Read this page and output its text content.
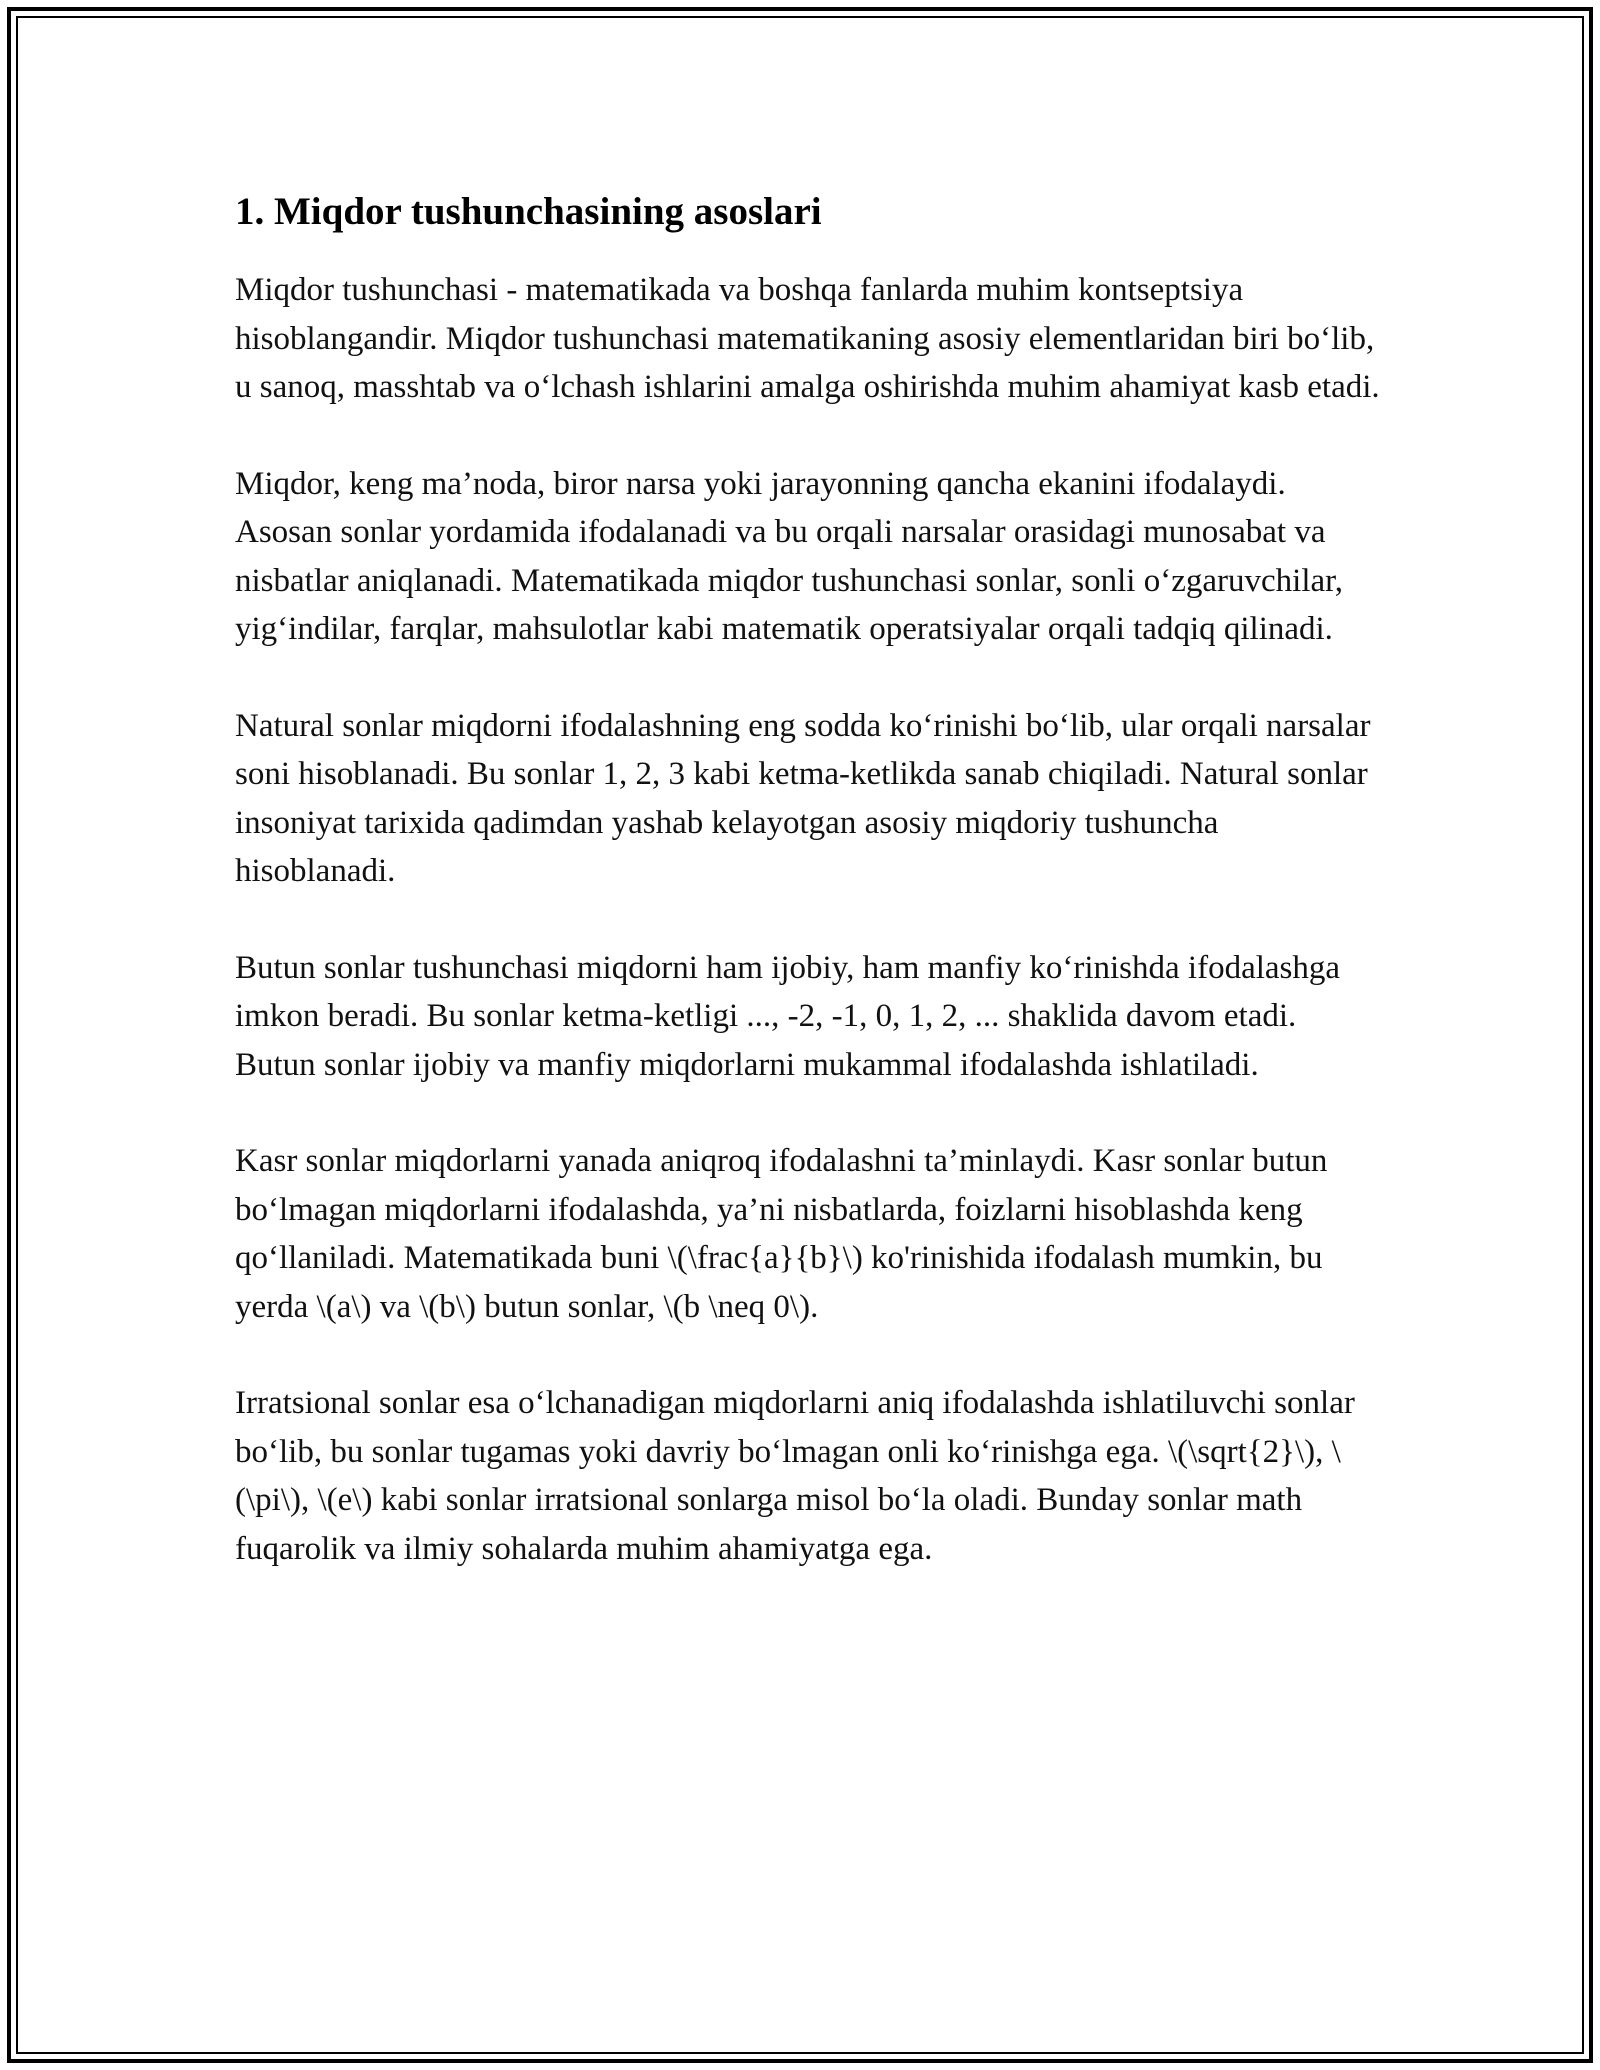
1. Miqdor tushunchasining asoslari

Miqdor tushunchasi - matematikada va boshqa fanlarda muhim kontseptsiya hisoblangandir. Miqdor tushunchasi matematikaning asosiy elementlaridan biri bo‘lib, u sanoq, masshtab va o‘lchash ishlarini amalga oshirishda muhim ahamiyat kasb etadi.

Miqdor, keng ma’noda, biror narsa yoki jarayonning qancha ekanini ifodalaydi. Asosan sonlar yordamida ifodalanadi va bu orqali narsalar orasidagi munosabat va nisbatlar aniqlanadi. Matematikada miqdor tushunchasi sonlar, sonli o‘zgaruvchilar, yig‘indilar, farqlar, mahsulotlar kabi matematik operatsiyalar orqali tadqiq qilinadi.

Natural sonlar miqdorni ifodalashning eng sodda ko‘rinishi bo‘lib, ular orqali narsalar soni hisoblanadi. Bu sonlar 1, 2, 3 kabi ketma-ketlikda sanab chiqiladi. Natural sonlar insoniyat tarixida qadimdan yashab kelayotgan asosiy miqdoriy tushuncha hisoblanadi.

Butun sonlar tushunchasi miqdorni ham ijobiy, ham manfiy ko‘rinishda ifodalashga imkon beradi. Bu sonlar ketma-ketligi ..., -2, -1, 0, 1, 2, ... shaklida davom etadi. Butun sonlar ijobiy va manfiy miqdorlarni mukammal ifodalashda ishlatiladi.

Kasr sonlar miqdorlarni yanada aniqroq ifodalashni ta’minlaydi. Kasr sonlar butun bo‘lmagan miqdorlarni ifodalashda, ya’ni nisbatlarda, foizlarni hisoblashda keng qo‘llaniladi. Matematikada buni \(\frac{a}{b}\) ko'rinishida ifodalash mumkin, bu yerda \(a\) va \(b\) butun sonlar, \(b \neq 0\).

Irratsional sonlar esa o‘lchanadigan miqdorlarni aniq ifodalashda ishlatiluvchi sonlar bo‘lib, bu sonlar tugamas yoki davriy bo‘lmagan onli ko‘rinishga ega. \(\sqrt{2}\), \(\pi\), \(e\) kabi sonlar irratsional sonlarga misol bo‘la oladi. Bunday sonlar math fuqarolik va ilmiy sohalarda muhim ahamiyatga ega.
